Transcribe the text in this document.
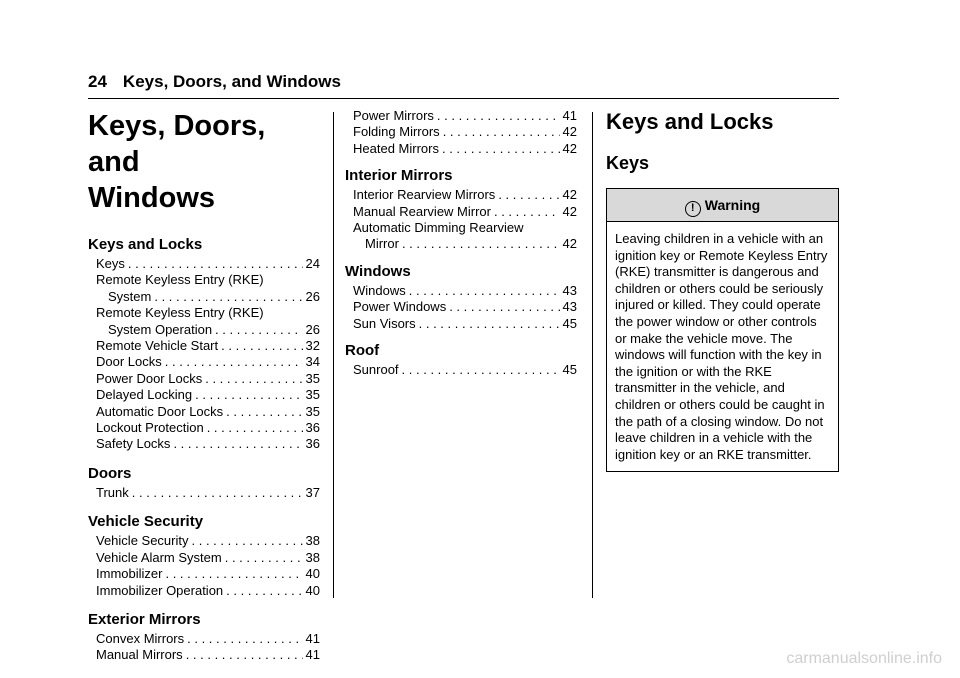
24 Keys, Doors, and Windows
Keys, Doors, and
Windows
Keys and Locks
Keys . . .	24
Remote Keyless Entry (RKE)
System . . .	26
Remote Keyless Entry (RKE)
System Operation . . .	26
Remote Vehicle Start . . .	32
Door Locks . . .	34
Power Door Locks . . .	35
Delayed Locking . . .	35
Automatic Door Locks . . .	35
Lockout Protection . . .	36
Safety Locks . . .	36
Doors
Trunk . . .	37
Vehicle Security
Vehicle Security . . .	38
Vehicle Alarm System . . .	38
Immobilizer . . .	40
Immobilizer Operation . . .	40
Exterior Mirrors
Convex Mirrors . . .	41
Manual Mirrors . . .	41
Power Mirrors . . .	41
Folding Mirrors . . .	42
Heated Mirrors . . .	42
Interior Mirrors
Interior Rearview Mirrors . . .	42
Manual Rearview Mirror . . .	42
Automatic Dimming Rearview
Mirror . . .	42
Windows
Windows . . .	43
Power Windows . . .	43
Sun Visors . . .	45
Roof
Sunroof . . .	45
Keys and Locks
Keys
! Warning
Leaving children in a vehicle with an ignition key or Remote Keyless Entry (RKE) transmitter is dangerous and children or others could be seriously injured or killed. They could operate the power window or other controls or make the vehicle move. The windows will function with the key in the ignition or with the RKE transmitter in the vehicle, and children or others could be caught in the path of a closing window. Do not leave children in a vehicle with the ignition key or an RKE transmitter.
carmanualsonline.info
